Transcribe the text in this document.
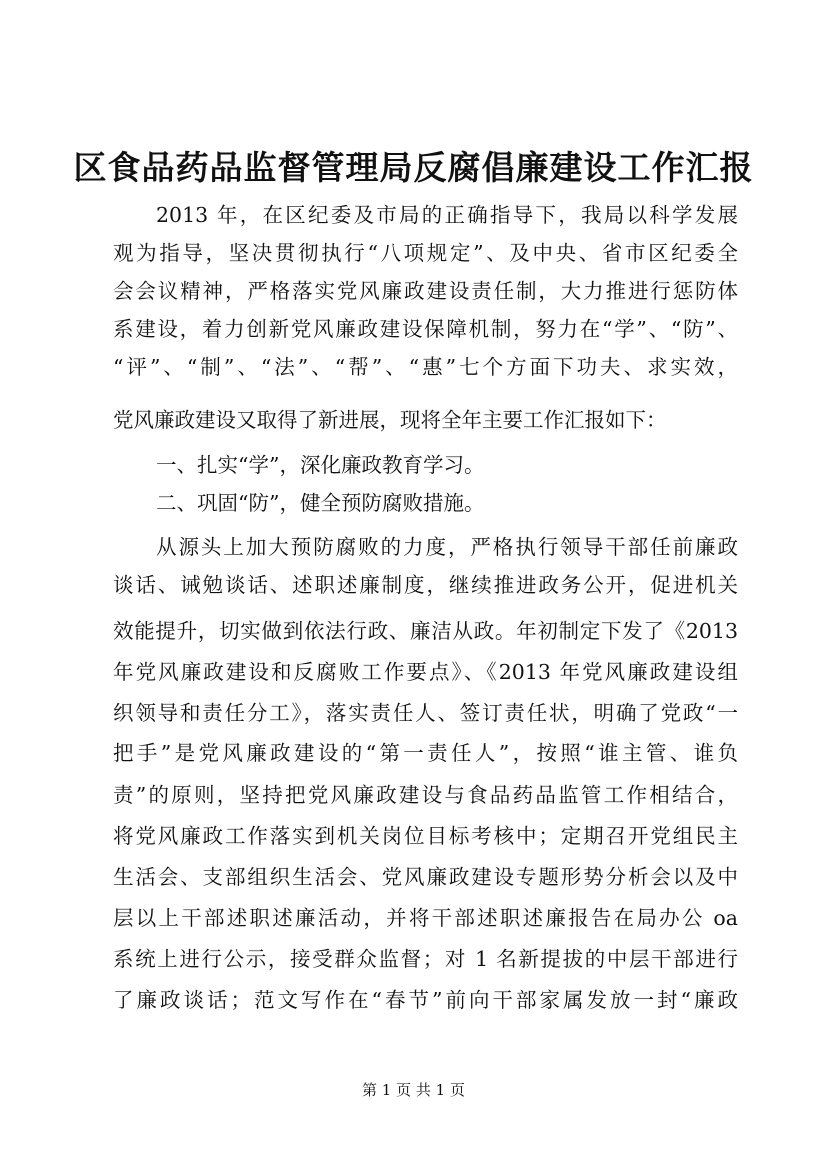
区食品药品监督管理局反腐倡廉建设工作汇报
2013 年，在区纪委及市局的正确指导下，我局以科学发展
观为指导，坚决贯彻执行“八项规定”、及中央、省市区纪委全
会会议精神，严格落实党风廉政建设责任制，大力推进行惩防体
系建设，着力创新党风廉政建设保障机制，努力在“学”、“防”、
“评”、“制”、“法”、“帮”、“惠”七个方面下功夫、求实效，
党风廉政建设又取得了新进展，现将全年主要工作汇报如下：
一、扎实“学”，深化廉政教育学习。
二、巩固“防”，健全预防腐败措施。
从源头上加大预防腐败的力度，严格执行领导干部任前廉政
谈话、诫勉谈话、述职述廉制度，继续推进政务公开，促进机关
效能提升，切实做到依法行政、廉洁从政。年初制定下发了《2013
年党风廉政建设和反腐败工作要点》、《2013 年党风廉政建设组
织领导和责任分工》，落实责任人、签订责任状，明确了党政“一
把手”是党风廉政建设的“第一责任人”，按照“谁主管、谁负
责”的原则，坚持把党风廉政建设与食品药品监管工作相结合，
将党风廉政工作落实到机关岗位目标考核中；定期召开党组民主
生活会、支部组织生活会、党风廉政建设专题形势分析会以及中
层以上干部述职述廉活动，并将干部述职述廉报告在局办公 oa
系统上进行公示，接受群众监督；对 1 名新提拔的中层干部进行
了廉政谈话；范文写作在“春节”前向干部家属发放一封“廉政
第 1 页 共 1 页
